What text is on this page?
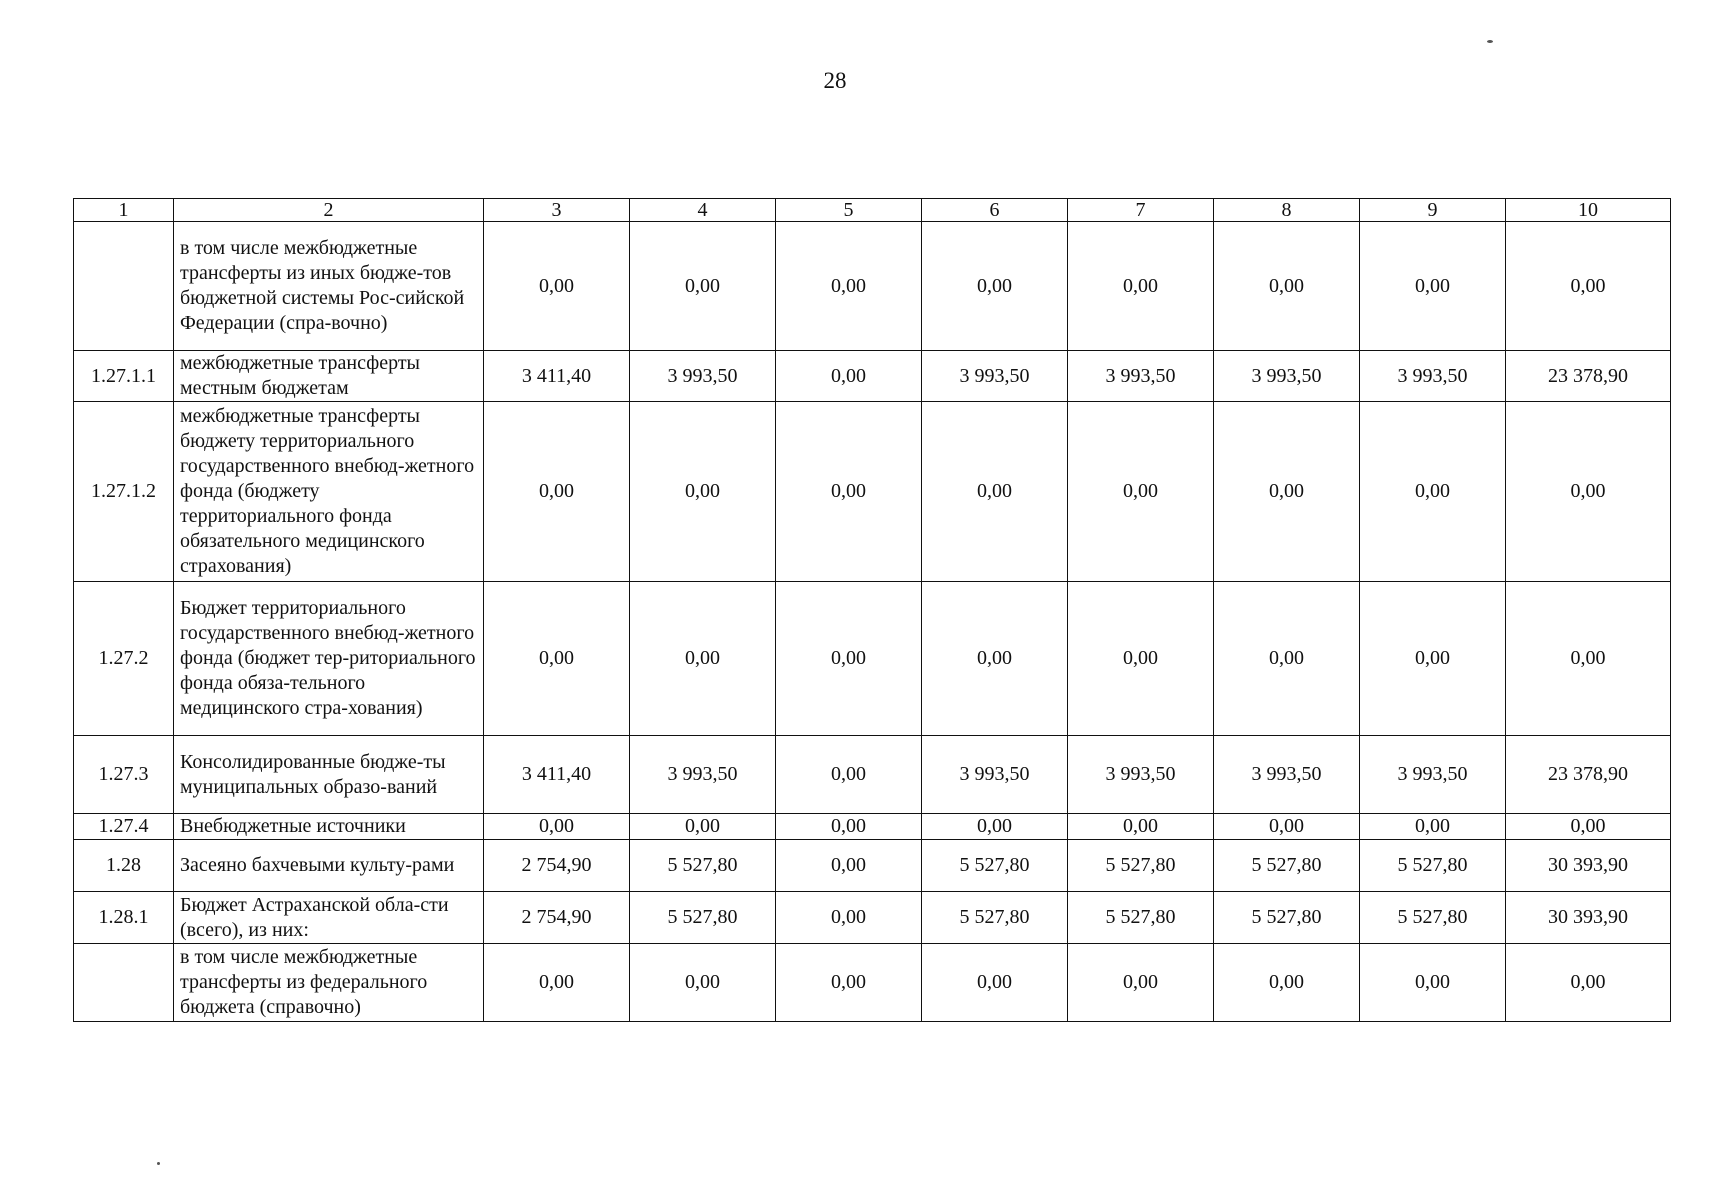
28
1	2	3	4	5	6	7	8	9	10
	в том числе межбюджетные трансферты из иных бюдже-тов бюджетной системы Рос-сийской Федерации (спра-вочно)	0,00	0,00	0,00	0,00	0,00	0,00	0,00	0,00
1.27.1.1	межбюджетные трансферты местным бюджетам	3 411,40	3 993,50	0,00	3 993,50	3 993,50	3 993,50	3 993,50	23 378,90
1.27.1.2	межбюджетные трансферты бюджету территориального государственного внебюд-жетного фонда (бюджету территориального фонда обязательного медицинского страхования)	0,00	0,00	0,00	0,00	0,00	0,00	0,00	0,00
1.27.2	Бюджет территориального государственного внебюд-жетного фонда (бюджет тер-риториального фонда обяза-тельного медицинского стра-хования)	0,00	0,00	0,00	0,00	0,00	0,00	0,00	0,00
1.27.3	Консолидированные бюдже-ты муниципальных образо-ваний	3 411,40	3 993,50	0,00	3 993,50	3 993,50	3 993,50	3 993,50	23 378,90
1.27.4	Внебюджетные источники	0,00	0,00	0,00	0,00	0,00	0,00	0,00	0,00
1.28	Засеяно бахчевыми культу-рами	2 754,90	5 527,80	0,00	5 527,80	5 527,80	5 527,80	5 527,80	30 393,90
1.28.1	Бюджет Астраханской обла-сти (всего), из них:	2 754,90	5 527,80	0,00	5 527,80	5 527,80	5 527,80	5 527,80	30 393,90
	в том числе межбюджетные трансферты из федерального бюджета (справочно)	0,00	0,00	0,00	0,00	0,00	0,00	0,00	0,00
